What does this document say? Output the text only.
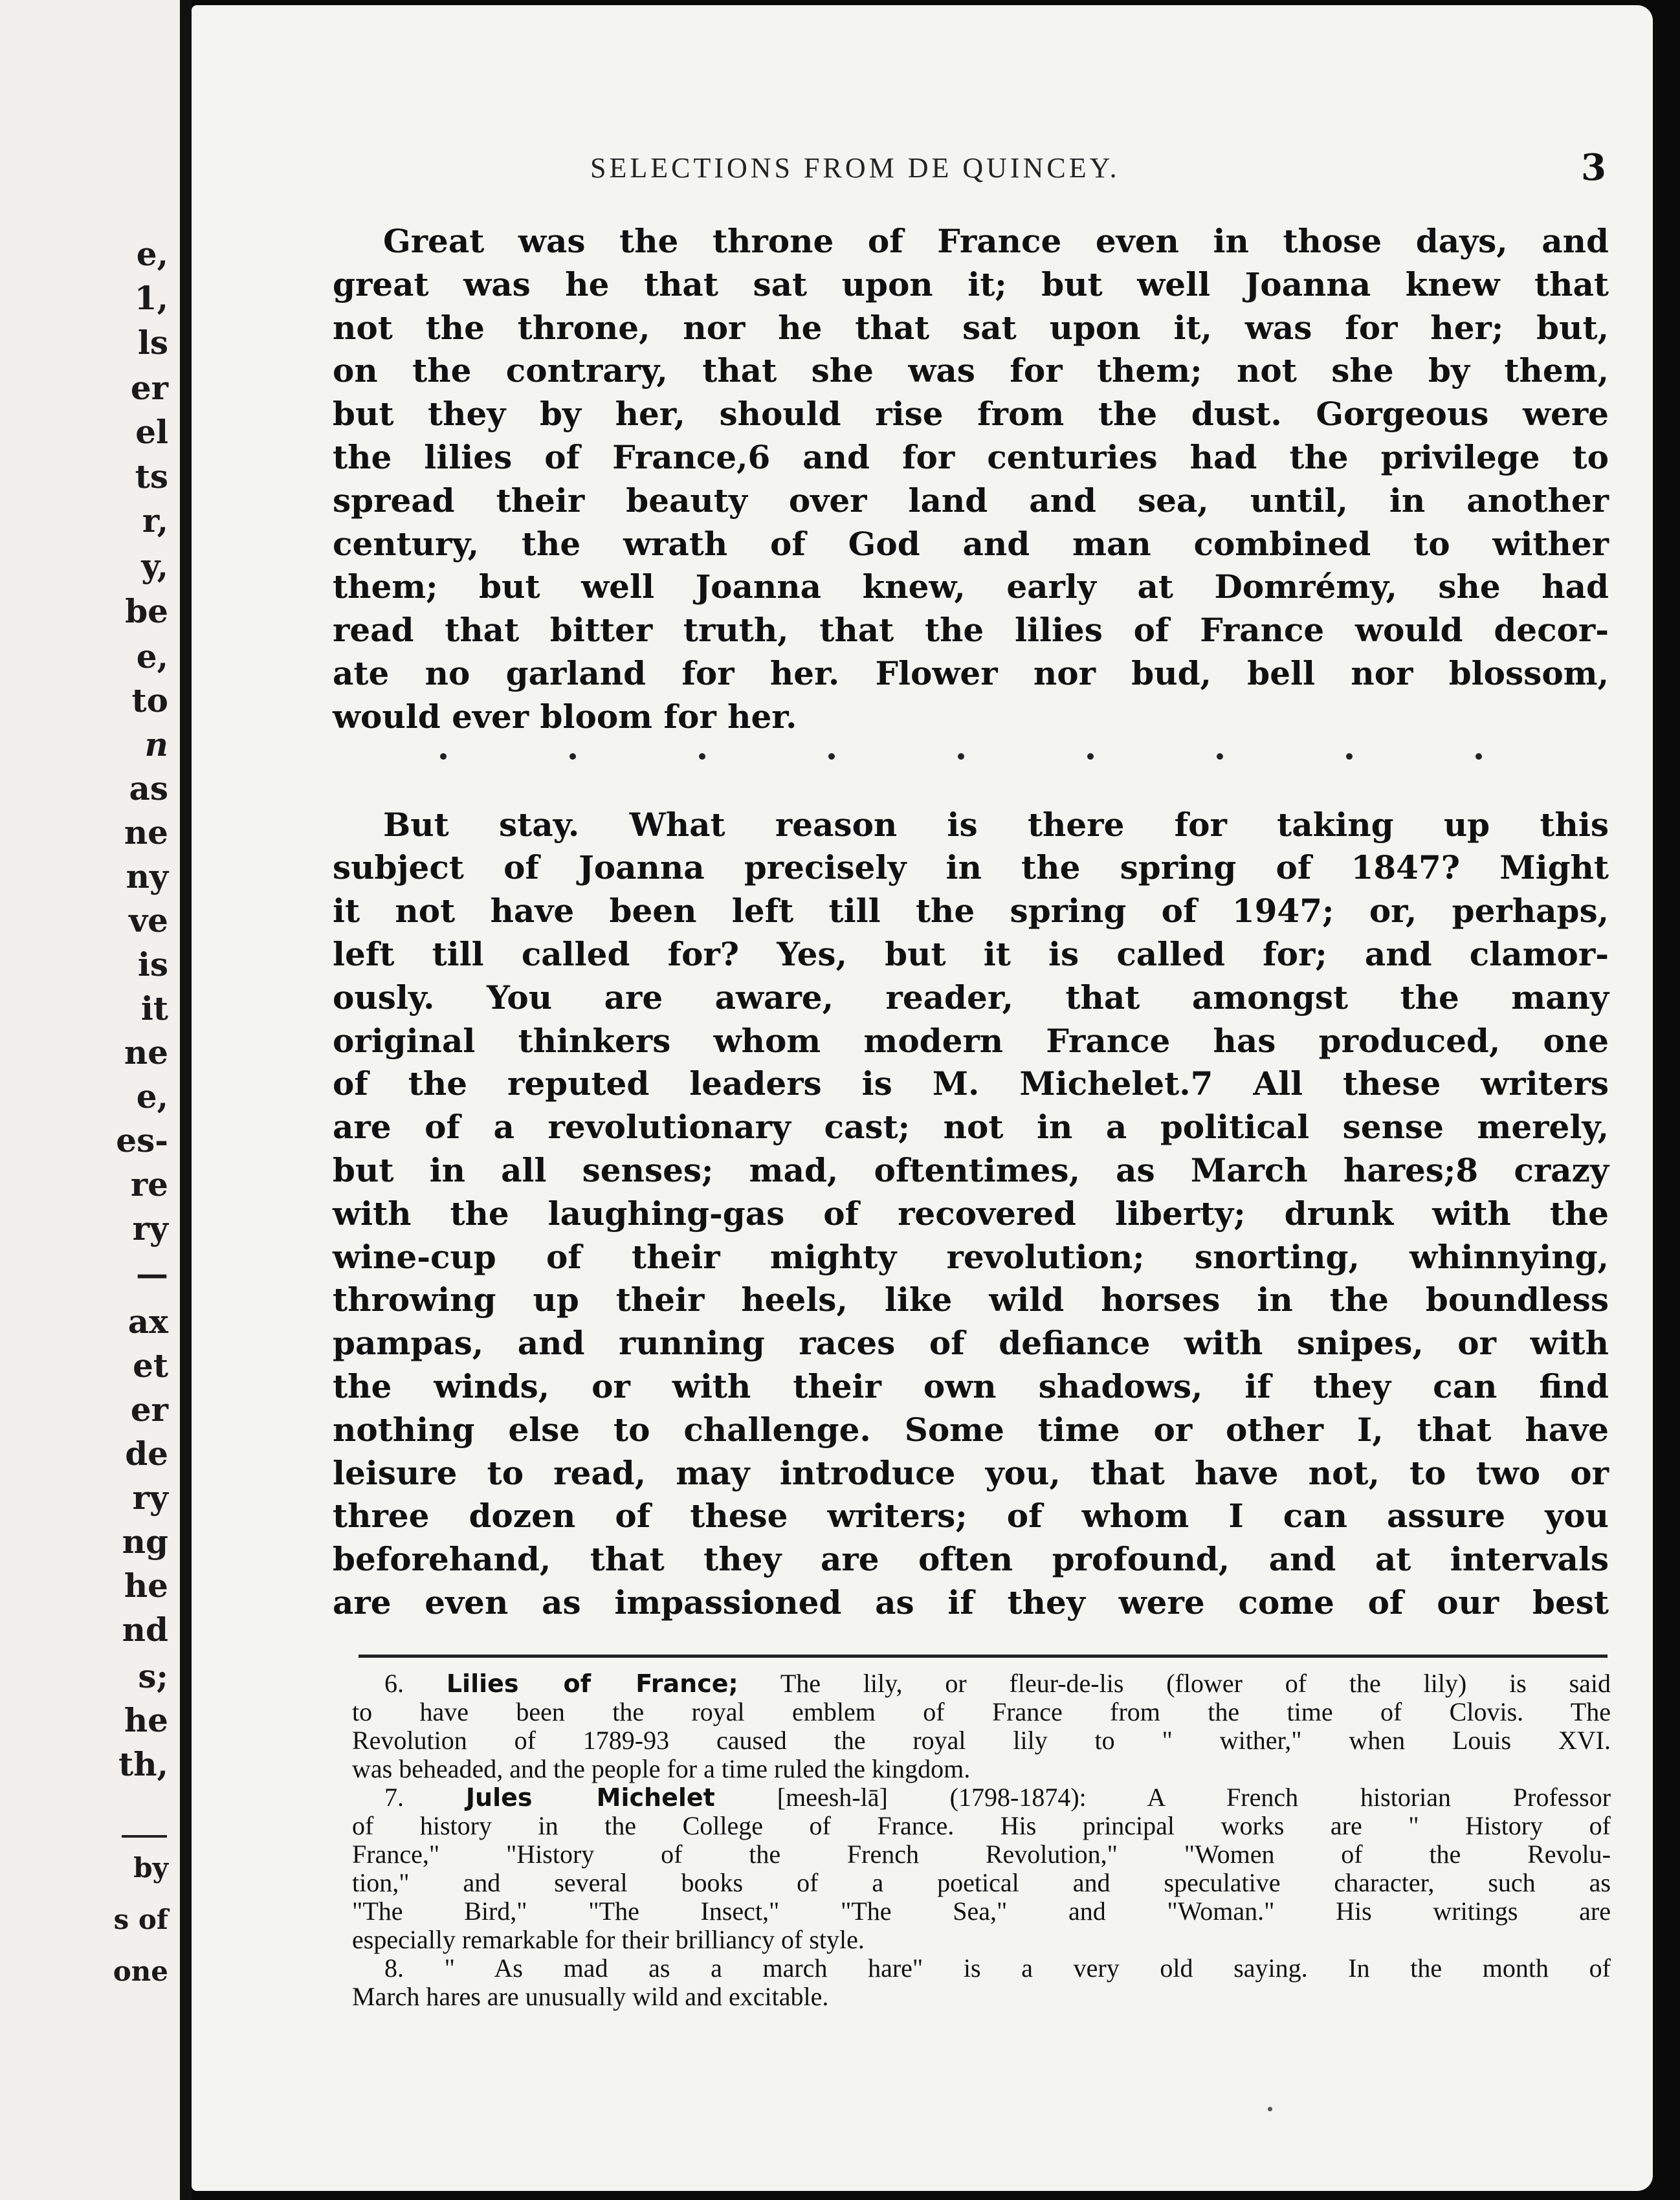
e,
1,
ls
er
el
ts
r,
y,
be
e,
to
n
as
ne
ny
ve
is
it
ne
e,
es-
re
ry
—
ax
et
er
de
ry
ng
he
nd
s;
he
th,
by
s of
one
SELECTIONS FROM DE QUINCEY.	3
Great was the throne of France even in those days, and
great was he that sat upon it; but well Joanna knew that
not the throne, nor he that sat upon it, was for her; but,
on the contrary, that she was for them; not she by them,
but they by her, should rise from the dust. Gorgeous were
the lilies of France,6 and for centuries had the privilege to
spread their beauty over land and sea, until, in another
century, the wrath of God and man combined to wither
them; but well Joanna knew, early at Domrémy, she had
read that bitter truth, that the lilies of France would decor-
ate no garland for her. Flower nor bud, bell nor blossom,
would ever bloom for her.
But stay. What reason is there for taking up this
subject of Joanna precisely in the spring of 1847? Might
it not have been left till the spring of 1947; or, perhaps,
left till called for? Yes, but it is called for; and clamor-
ously. You are aware, reader, that amongst the many
original thinkers whom modern France has produced, one
of the reputed leaders is M. Michelet.7 All these writers
are of a revolutionary cast; not in a political sense merely,
but in all senses; mad, oftentimes, as March hares;8 crazy
with the laughing-gas of recovered liberty; drunk with the
wine-cup of their mighty revolution; snorting, whinnying,
throwing up their heels, like wild horses in the boundless
pampas, and running races of defiance with snipes, or with
the winds, or with their own shadows, if they can find
nothing else to challenge. Some time or other I, that have
leisure to read, may introduce you, that have not, to two or
three dozen of these writers; of whom I can assure you
beforehand, that they are often profound, and at intervals
are even as impassioned as if they were come of our best
6. Lilies of France; The lily, or fleur-de-lis (flower of the lily) is said
to have been the royal emblem of France from the time of Clovis. The
Revolution of 1789-93 caused the royal lily to " wither," when Louis XVI.
was beheaded, and the people for a time ruled the kingdom.
7.	Jules Michelet [meesh-lā] (1798-1874): A French historian Professor
of history in the College of France. His principal works are " History of
France," "History of the French Revolution," "Women of the Revolu-
tion," and several books of a poetical and speculative character, such as
"The Bird," "The Insect," "The Sea," and "Woman." His writings are
especially remarkable for their brilliancy of style.
8. " As mad as a march hare" is a very old saying. In the month of
March hares are unusually wild and excitable.
